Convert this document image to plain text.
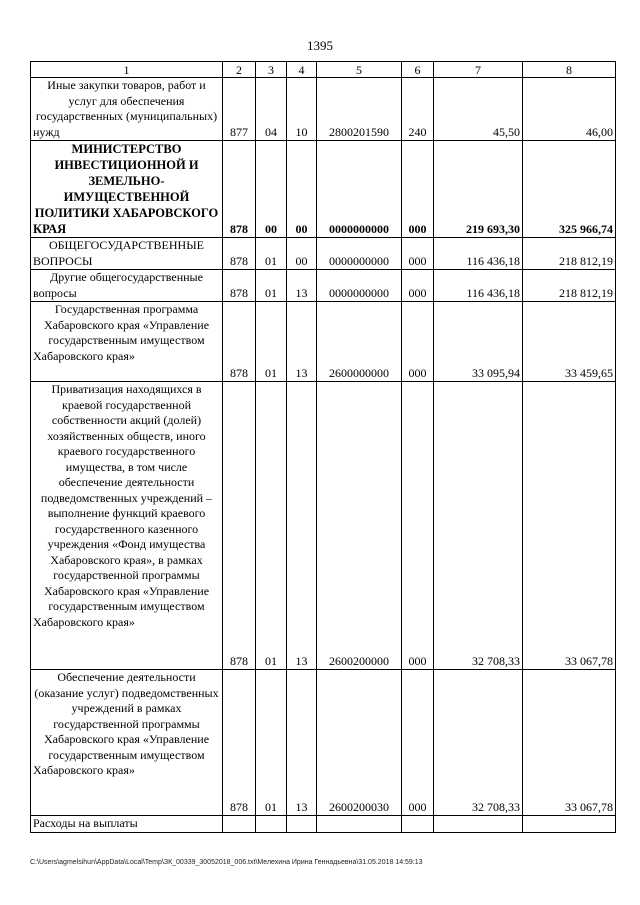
1395
1	2	3	4	5	6	7	8
Иные закупки товаров, работ и услуг для обеспечения государственных (муниципальных) нужд	877	04	10	2800201590	240	45,50	46,00
МИНИСТЕРСТВО ИНВЕСТИЦИОННОЙ И ЗЕМЕЛЬНО-ИМУЩЕСТВЕННОЙ ПОЛИТИКИ ХАБАРОВСКОГО КРАЯ	878	00	00	0000000000	000	219 693,30	325 966,74
ОБЩЕГОСУДАРСТВЕННЫЕ ВОПРОСЫ	878	01	00	0000000000	000	116 436,18	218 812,19
Другие общегосударственные вопросы	878	01	13	0000000000	000	116 436,18	218 812,19
Государственная программа Хабаровского края «Управление государственным имуществом Хабаровского края»	878	01	13	2600000000	000	33 095,94	33 459,65
Приватизация находящихся в краевой государственной собственности акций (долей) хозяйственных обществ, иного краевого государственного имущества, в том числе обеспечение деятельности подведомственных учреждений – выполнение функций краевого государственного казенного учреждения «Фонд имущества Хабаровского края», в рамках государственной программы Хабаровского края «Управление государственным имуществом Хабаровского края»	878	01	13	2600200000	000	32 708,33	33 067,78
Обеспечение деятельности (оказание услуг) подведомственных учреждений в рамках государственной программы Хабаровского края «Управление государственным имуществом Хабаровского края»	878	01	13	2600200030	000	32 708,33	33 067,78
Расходы на выплаты							
C:\Users\agmelsihun\AppData\Local\Temp\ЗК_00339_30052018_006.txt\Мелехина Ирина Геннадьевна\31.05.2018 14:59:13
